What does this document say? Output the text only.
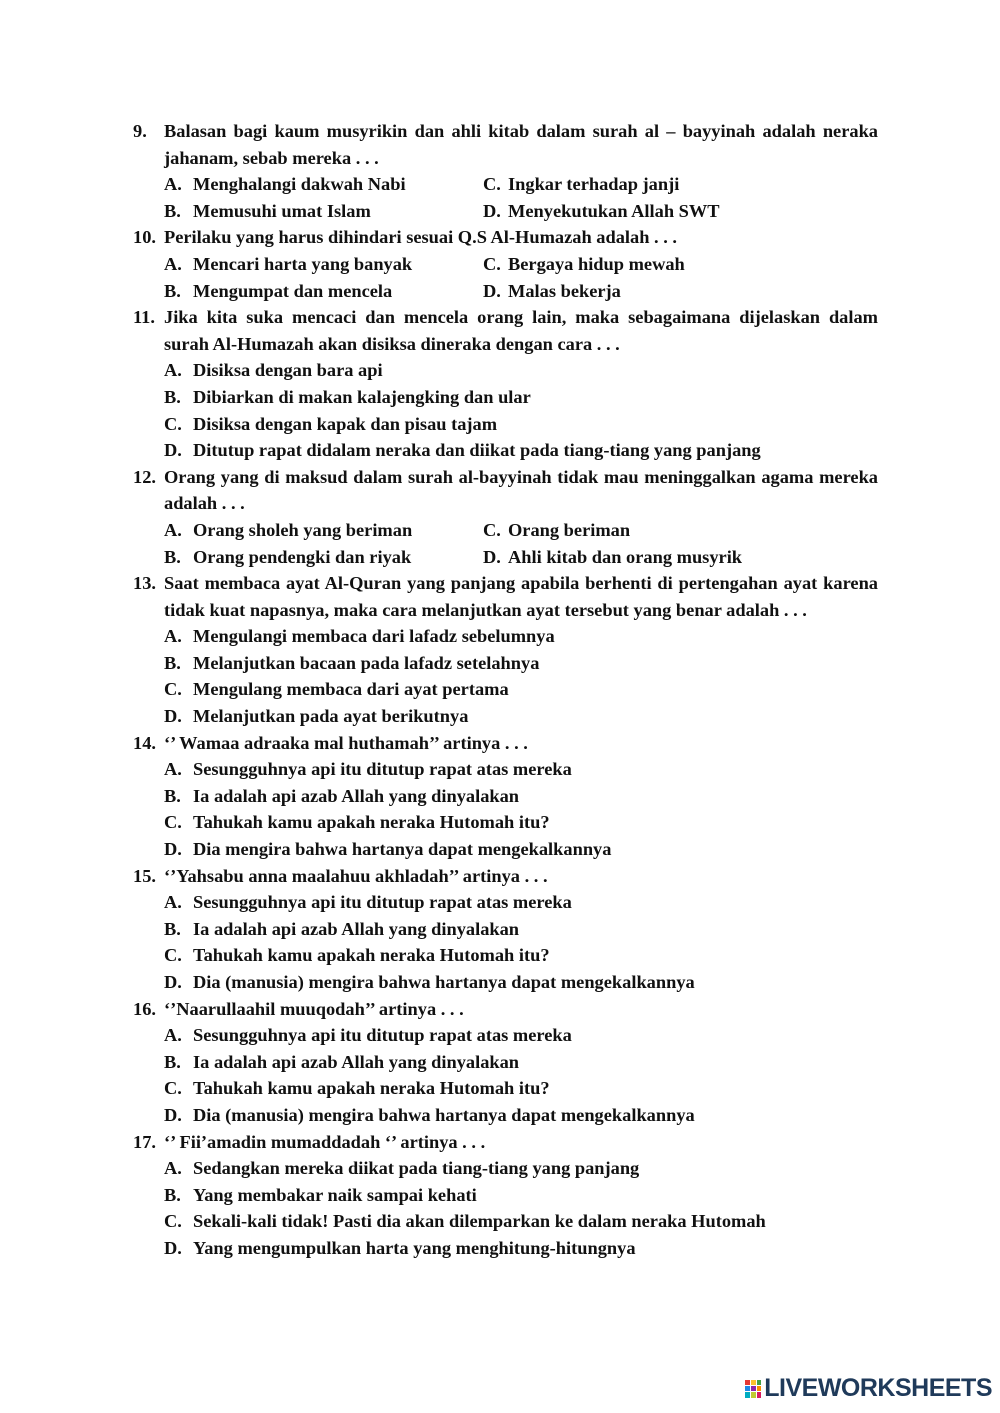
9. Balasan bagi kaum musyrikin dan ahli kitab dalam surah al – bayyinah adalah neraka jahanam, sebab mereka . . .
A. Menghalangi dakwah Nabi	C. Ingkar terhadap janji
B. Memusuhi umat Islam	D. Menyekutukan Allah SWT
10. Perilaku yang harus dihindari sesuai Q.S Al-Humazah adalah . . .
A. Mencari harta yang banyak	C. Bergaya hidup mewah
B. Mengumpat dan mencela	D. Malas bekerja
11. Jika kita suka mencaci dan mencela orang lain, maka sebagaimana dijelaskan dalam surah Al-Humazah akan disiksa dineraka dengan cara . . .
A. Disiksa dengan bara api
B. Dibiarkan di makan kalajengking dan ular
C. Disiksa dengan kapak dan pisau tajam
D. Ditutup rapat didalam neraka dan diikat pada tiang-tiang yang panjang
12. Orang yang di maksud dalam surah al-bayyinah tidak mau meninggalkan agama mereka adalah . . .
A. Orang sholeh yang beriman	C. Orang beriman
B. Orang pendengki dan riyak	D. Ahli kitab dan orang musyrik
13. Saat membaca ayat Al-Quran yang panjang apabila berhenti di pertengahan ayat karena tidak kuat napasnya, maka cara melanjutkan ayat tersebut yang benar adalah . . .
A. Mengulangi membaca dari lafadz sebelumnya
B. Melanjutkan bacaan pada lafadz setelahnya
C. Mengulang membaca dari ayat pertama
D. Melanjutkan pada ayat berikutnya
14. ‘’ Wamaa adraaka mal huthamah’’ artinya . . .
A. Sesungguhnya api itu ditutup rapat atas mereka
B. Ia adalah api azab Allah yang dinyalakan
C. Tahukah kamu apakah neraka Hutomah itu?
D. Dia mengira bahwa hartanya dapat mengekalkannya
15. ‘’Yahsabu anna maalahuu akhladah’’ artinya . . .
A. Sesungguhnya api itu ditutup rapat atas mereka
B. Ia adalah api azab Allah yang dinyalakan
C. Tahukah kamu apakah neraka Hutomah itu?
D. Dia (manusia) mengira bahwa hartanya dapat mengekalkannya
16. ‘’Naarullaahil muuqodah’’ artinya . . .
A. Sesungguhnya api itu ditutup rapat atas mereka
B. Ia adalah api azab Allah yang dinyalakan
C. Tahukah kamu apakah neraka Hutomah itu?
D. Dia (manusia) mengira bahwa hartanya dapat mengekalkannya
17. ‘’ Fii’amadin mumaddadah ‘’ artinya . . .
A. Sedangkan mereka diikat pada tiang-tiang yang panjang
B. Yang membakar naik sampai kehati
C. Sekali-kali tidak! Pasti dia akan dilemparkan ke dalam neraka Hutomah
D. Yang mengumpulkan harta yang menghitung-hitungnya
LIVEWORKSHEETS
